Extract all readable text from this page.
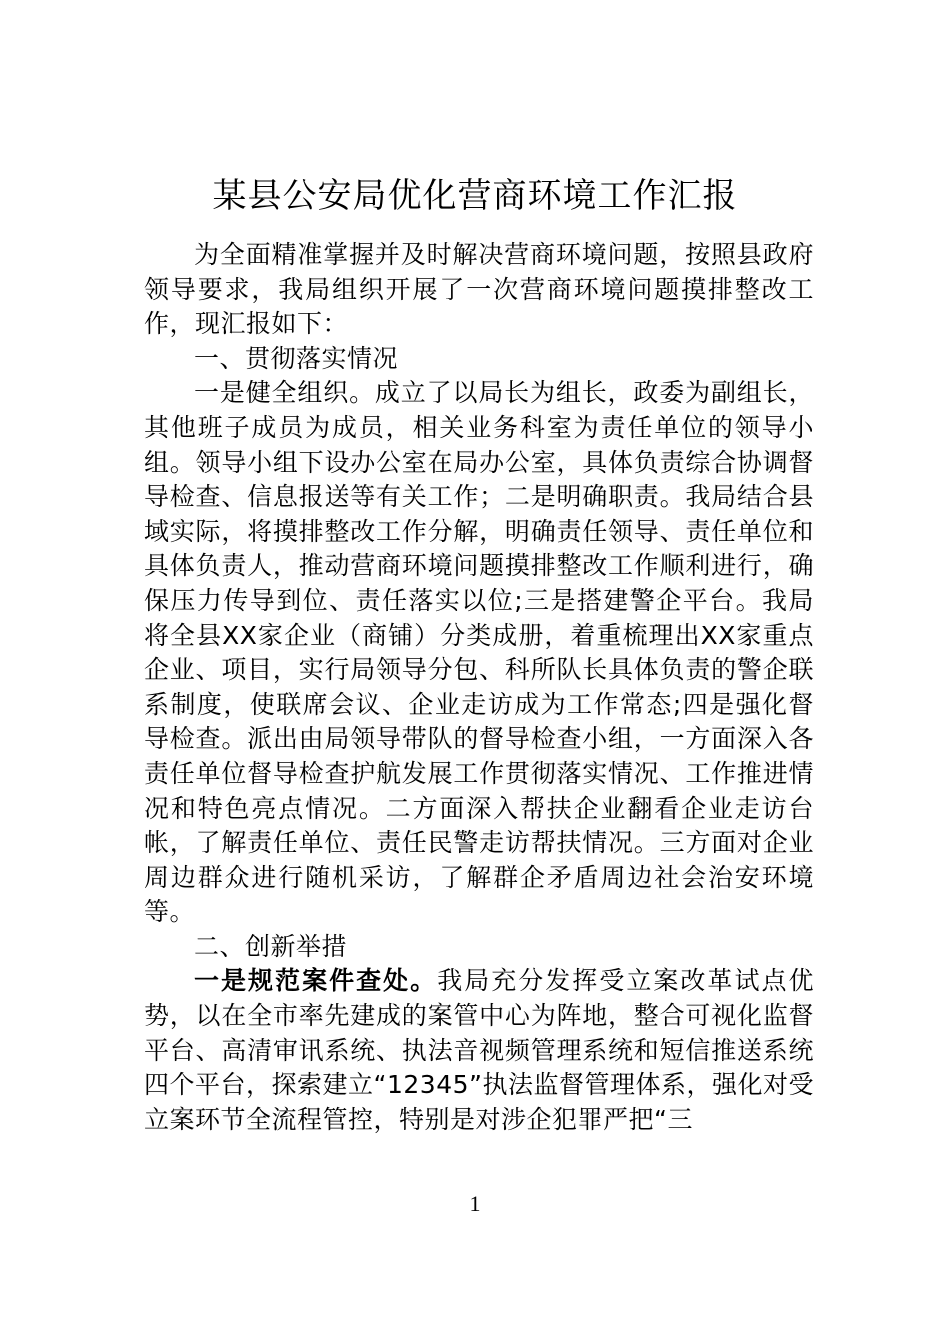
某县公安局优化营商环境工作汇报

为全面精准掌握并及时解决营商环境问题，按照县政府领导要求，我局组织开展了一次营商环境问题摸排整改工作，现汇报如下：

一、贯彻落实情况

一是健全组织。成立了以局长为组长，政委为副组长，其他班子成员为成员，相关业务科室为责任单位的领导小组。领导小组下设办公室在局办公室，具体负责综合协调督导检查、信息报送等有关工作；二是明确职责。我局结合县域实际，将摸排整改工作分解，明确责任领导、责任单位和具体负责人，推动营商环境问题摸排整改工作顺利进行，确保压力传导到位、责任落实以位;三是搭建警企平台。我局将全县XX家企业（商铺）分类成册，着重梳理出XX家重点企业、项目，实行局领导分包、科所队长具体负责的警企联系制度，使联席会议、企业走访成为工作常态;四是强化督导检查。派出由局领导带队的督导检查小组，一方面深入各责任单位督导检查护航发展工作贯彻落实情况、工作推进情况和特色亮点情况。二方面深入帮扶企业翻看企业走访台帐，了解责任单位、责任民警走访帮扶情况。三方面对企业周边群众进行随机采访，了解群企矛盾周边社会治安环境等。

二、创新举措

一是规范案件查处。我局充分发挥受立案改革试点优势，以在全市率先建成的案管中心为阵地，整合可视化监督平台、高清审讯系统、执法音视频管理系统和短信推送系统四个平台，探索建立“12345”执法监督管理体系，强化对受立案环节全流程管控，特别是对涉企犯罪严把“三

1
